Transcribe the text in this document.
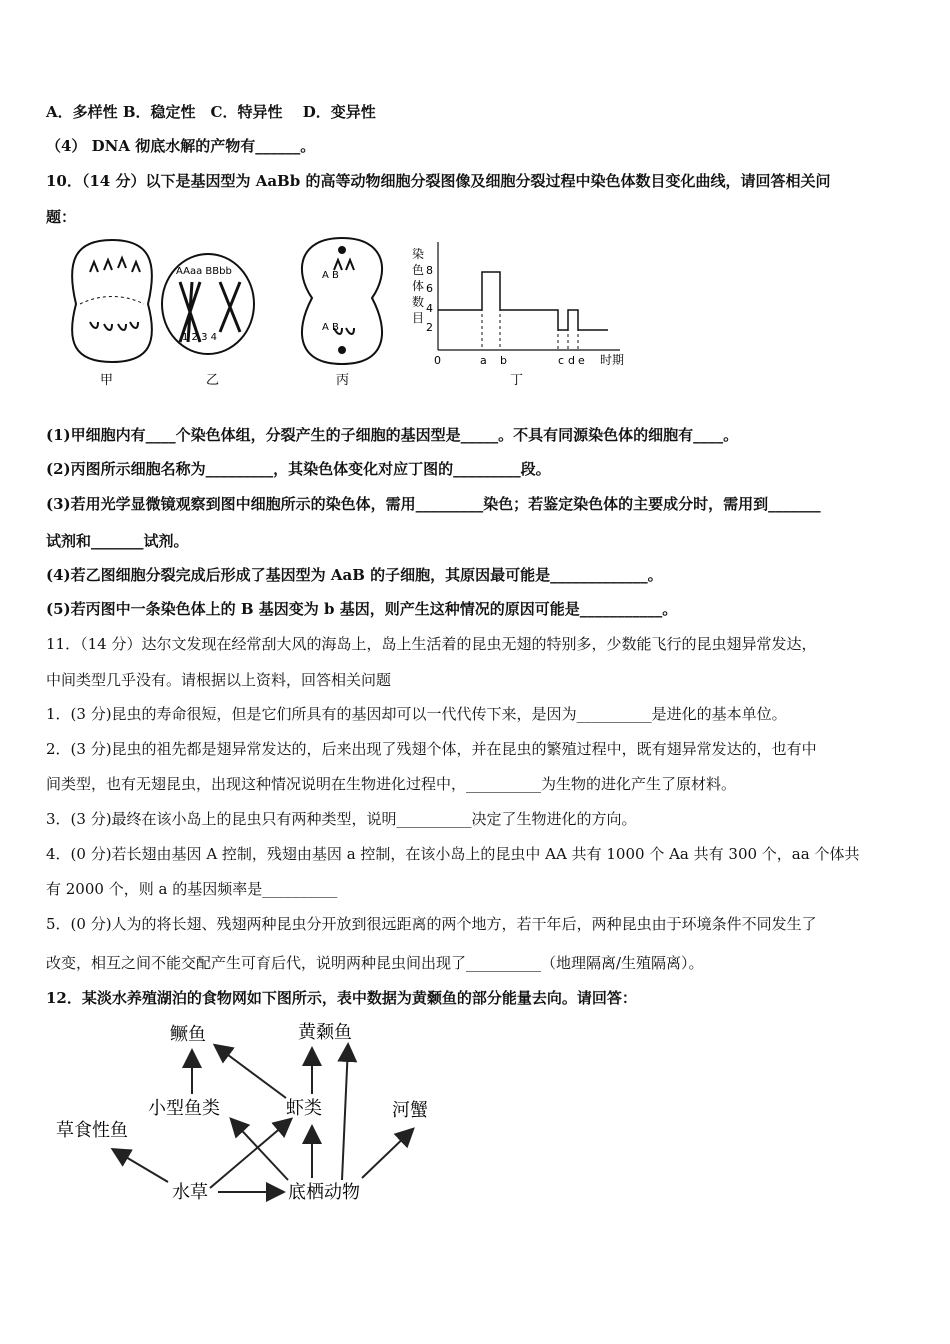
A．多样性 B．稳定性　C．特异性　 D．变异性
（4） DNA 彻底水解的产物有______。
10．（14 分）以下是基因型为 AaBb 的高等动物细胞分裂图像及细胞分裂过程中染色体数目变化曲线，请回答相关问
题：
甲
AAaa BBbb
1 2 3 4
乙
A B
A B
丙
染
色
体
数
目
8
6
4
2
0	a b	c d e 时期
丁
(1)甲细胞内有____个染色体组，分裂产生的子细胞的基因型是_____。不具有同源染色体的细胞有____。
(2)丙图所示细胞名称为_________，其染色体变化对应丁图的_________段。
(3)若用光学显微镜观察到图中细胞所示的染色体，需用_________染色；若鉴定染色体的主要成分时，需用到_______
试剂和_______试剂。
(4)若乙图细胞分裂完成后形成了基因型为 AaB 的子细胞，其原因最可能是_____________。
(5)若丙图中一条染色体上的 B 基因变为 b 基因，则产生这种情况的原因可能是___________。
11．（14 分）达尔文发现在经常刮大风的海岛上，岛上生活着的昆虫无翅的特别多，少数能飞行的昆虫翅异常发达，
中间类型几乎没有。请根据以上资料，回答相关问题
1．(3 分)昆虫的寿命很短，但是它们所具有的基因却可以一代代传下来，是因为__________是进化的基本单位。
2．(3 分)昆虫的祖先都是翅异常发达的，后来出现了残翅个体，并在昆虫的繁殖过程中，既有翅异常发达的，也有中
间类型，也有无翅昆虫，出现这种情况说明在生物进化过程中，__________为生物的进化产生了原材料。
3．(3 分)最终在该小岛上的昆虫只有两种类型，说明__________决定了生物进化的方向。
4．(0 分)若长翅由基因 A 控制，残翅由基因 a 控制，在该小岛上的昆虫中 AA 共有 1000 个 Aa 共有 300 个，aa 个体共
有 2000 个，则 a 的基因频率是__________
5．(0 分)人为的将长翅、残翅两种昆虫分开放到很远距离的两个地方，若干年后，两种昆虫由于环境条件不同发生了
改变，相互之间不能交配产生可育后代，说明两种昆虫间出现了__________（地理隔离/生殖隔离）。
12．某淡水养殖湖泊的食物网如下图所示，表中数据为黄颡鱼的部分能量去向。请回答：
鳜鱼	黄颡鱼
小型鱼类	虾类	河蟹
草食性鱼
水草	底栖动物
